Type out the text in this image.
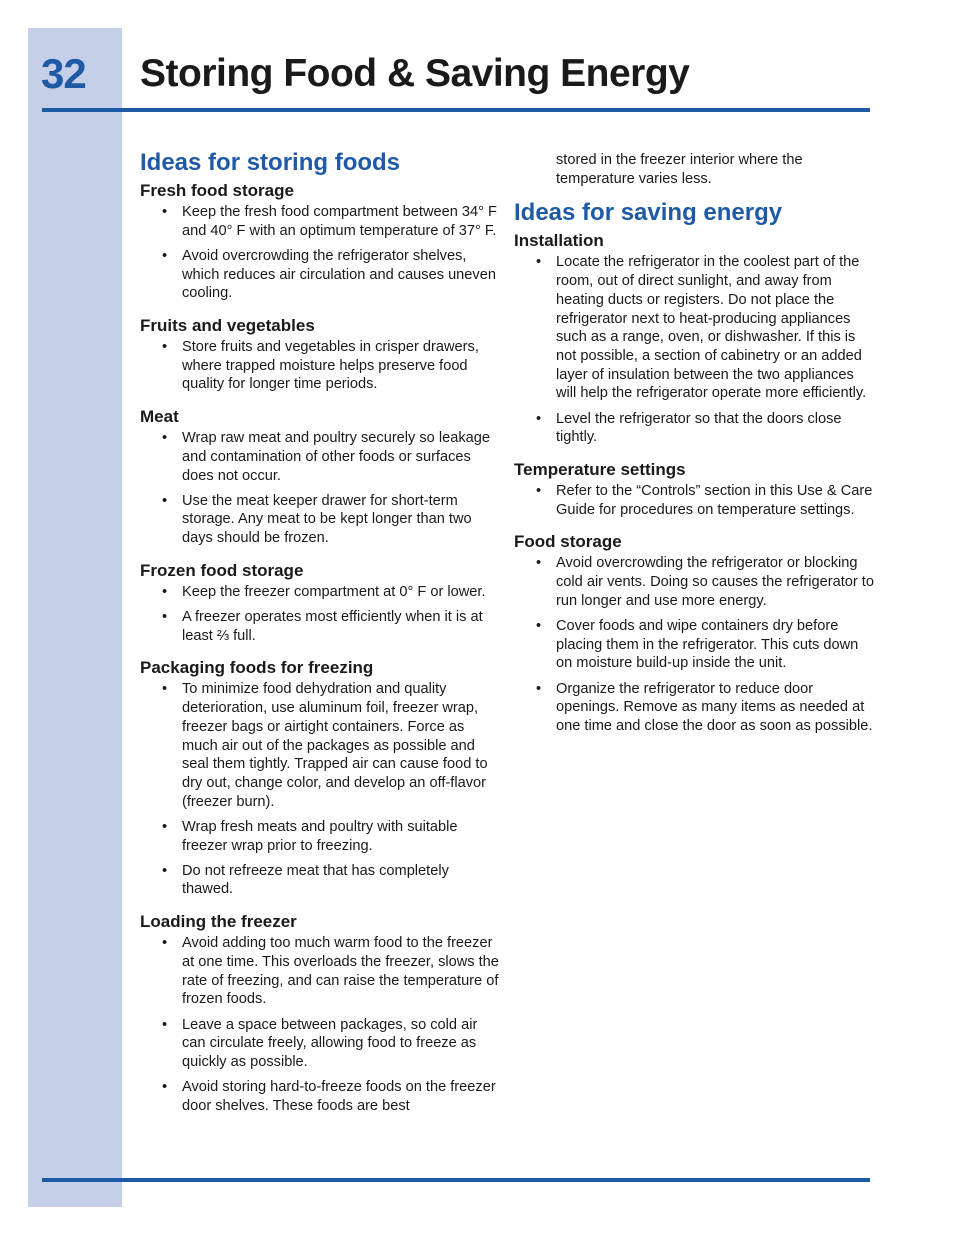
32 Storing Food & Saving Energy
Ideas for storing foods
Fresh food storage
• Keep the fresh food compartment between 34° F and 40° F with an optimum temperature of 37° F.
• Avoid overcrowding the refrigerator shelves, which reduces air circulation and causes uneven cooling.
Fruits and vegetables
• Store fruits and vegetables in crisper drawers, where trapped moisture helps preserve food quality for longer time periods.
Meat
• Wrap raw meat and poultry securely so leakage and contamination of other foods or surfaces does not occur.
• Use the meat keeper drawer for short-term storage. Any meat to be kept longer than two days should be frozen.
Frozen food storage
• Keep the freezer compartment at 0° F or lower.
• A freezer operates most efficiently when it is at least ⅔ full.
Packaging foods for freezing
• To minimize food dehydration and quality deterioration, use aluminum foil, freezer wrap, freezer bags or airtight containers. Force as much air out of the packages as possible and seal them tightly. Trapped air can cause food to dry out, change color, and develop an off-flavor (freezer burn).
• Wrap fresh meats and poultry with suitable freezer wrap prior to freezing.
• Do not refreeze meat that has completely thawed.
Loading the freezer
• Avoid adding too much warm food to the freezer at one time. This overloads the freezer, slows the rate of freezing, and can raise the temperature of frozen foods.
• Leave a space between packages, so cold air can circulate freely, allowing food to freeze as quickly as possible.
• Avoid storing hard-to-freeze foods on the freezer door shelves. These foods are best

stored in the freezer interior where the temperature varies less.

Ideas for saving energy
Installation
• Locate the refrigerator in the coolest part of the room, out of direct sunlight, and away from heating ducts or registers. Do not place the refrigerator next to heat-producing appliances such as a range, oven, or dishwasher. If this is not possible, a section of cabinetry or an added layer of insulation between the two appliances will help the refrigerator operate more efficiently.
• Level the refrigerator so that the doors close tightly.
Temperature settings
• Refer to the “Controls” section in this Use & Care Guide for procedures on temperature settings.
Food storage
• Avoid overcrowding the refrigerator or blocking cold air vents. Doing so causes the refrigerator to run longer and use more energy.
• Cover foods and wipe containers dry before placing them in the refrigerator. This cuts down on moisture build-up inside the unit.
• Organize the refrigerator to reduce door openings. Remove as many items as needed at one time and close the door as soon as possible.
